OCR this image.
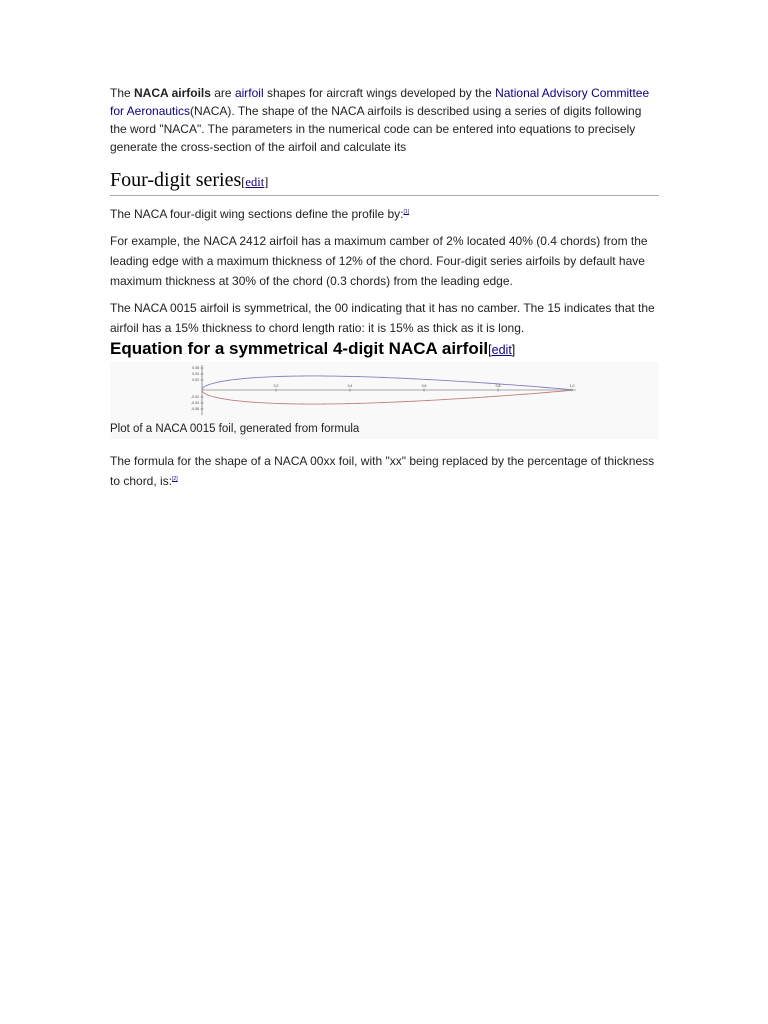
The NACA airfoils are airfoil shapes for aircraft wings developed by the National Advisory Committee for Aeronautics(NACA). The shape of the NACA airfoils is described using a series of digits following the word "NACA". The parameters in the numerical code can be entered into equations to precisely generate the cross-section of the airfoil and calculate its

Four-digit series[edit]

The NACA four-digit wing sections define the profile by:[1]

For example, the NACA 2412 airfoil has a maximum camber of 2% located 40% (0.4 chords) from the leading edge with a maximum thickness of 12% of the chord. Four-digit series airfoils by default have maximum thickness at 30% of the chord (0.3 chords) from the leading edge.

The NACA 0015 airfoil is symmetrical, the 00 indicating that it has no camber. The 15 indicates that the airfoil has a 15% thickness to chord length ratio: it is 15% as thick as it is long.

Equation for a symmetrical 4-digit NACA airfoil[edit]
0.2	0.4	0.6	0.8	1.0
0.08
0.04
0.02
-0.02
-0.04
-0.08
Plot of a NACA 0015 foil, generated from formula

The formula for the shape of a NACA 00xx foil, with "xx" being replaced by the percentage of thickness to chord, is:[2]
